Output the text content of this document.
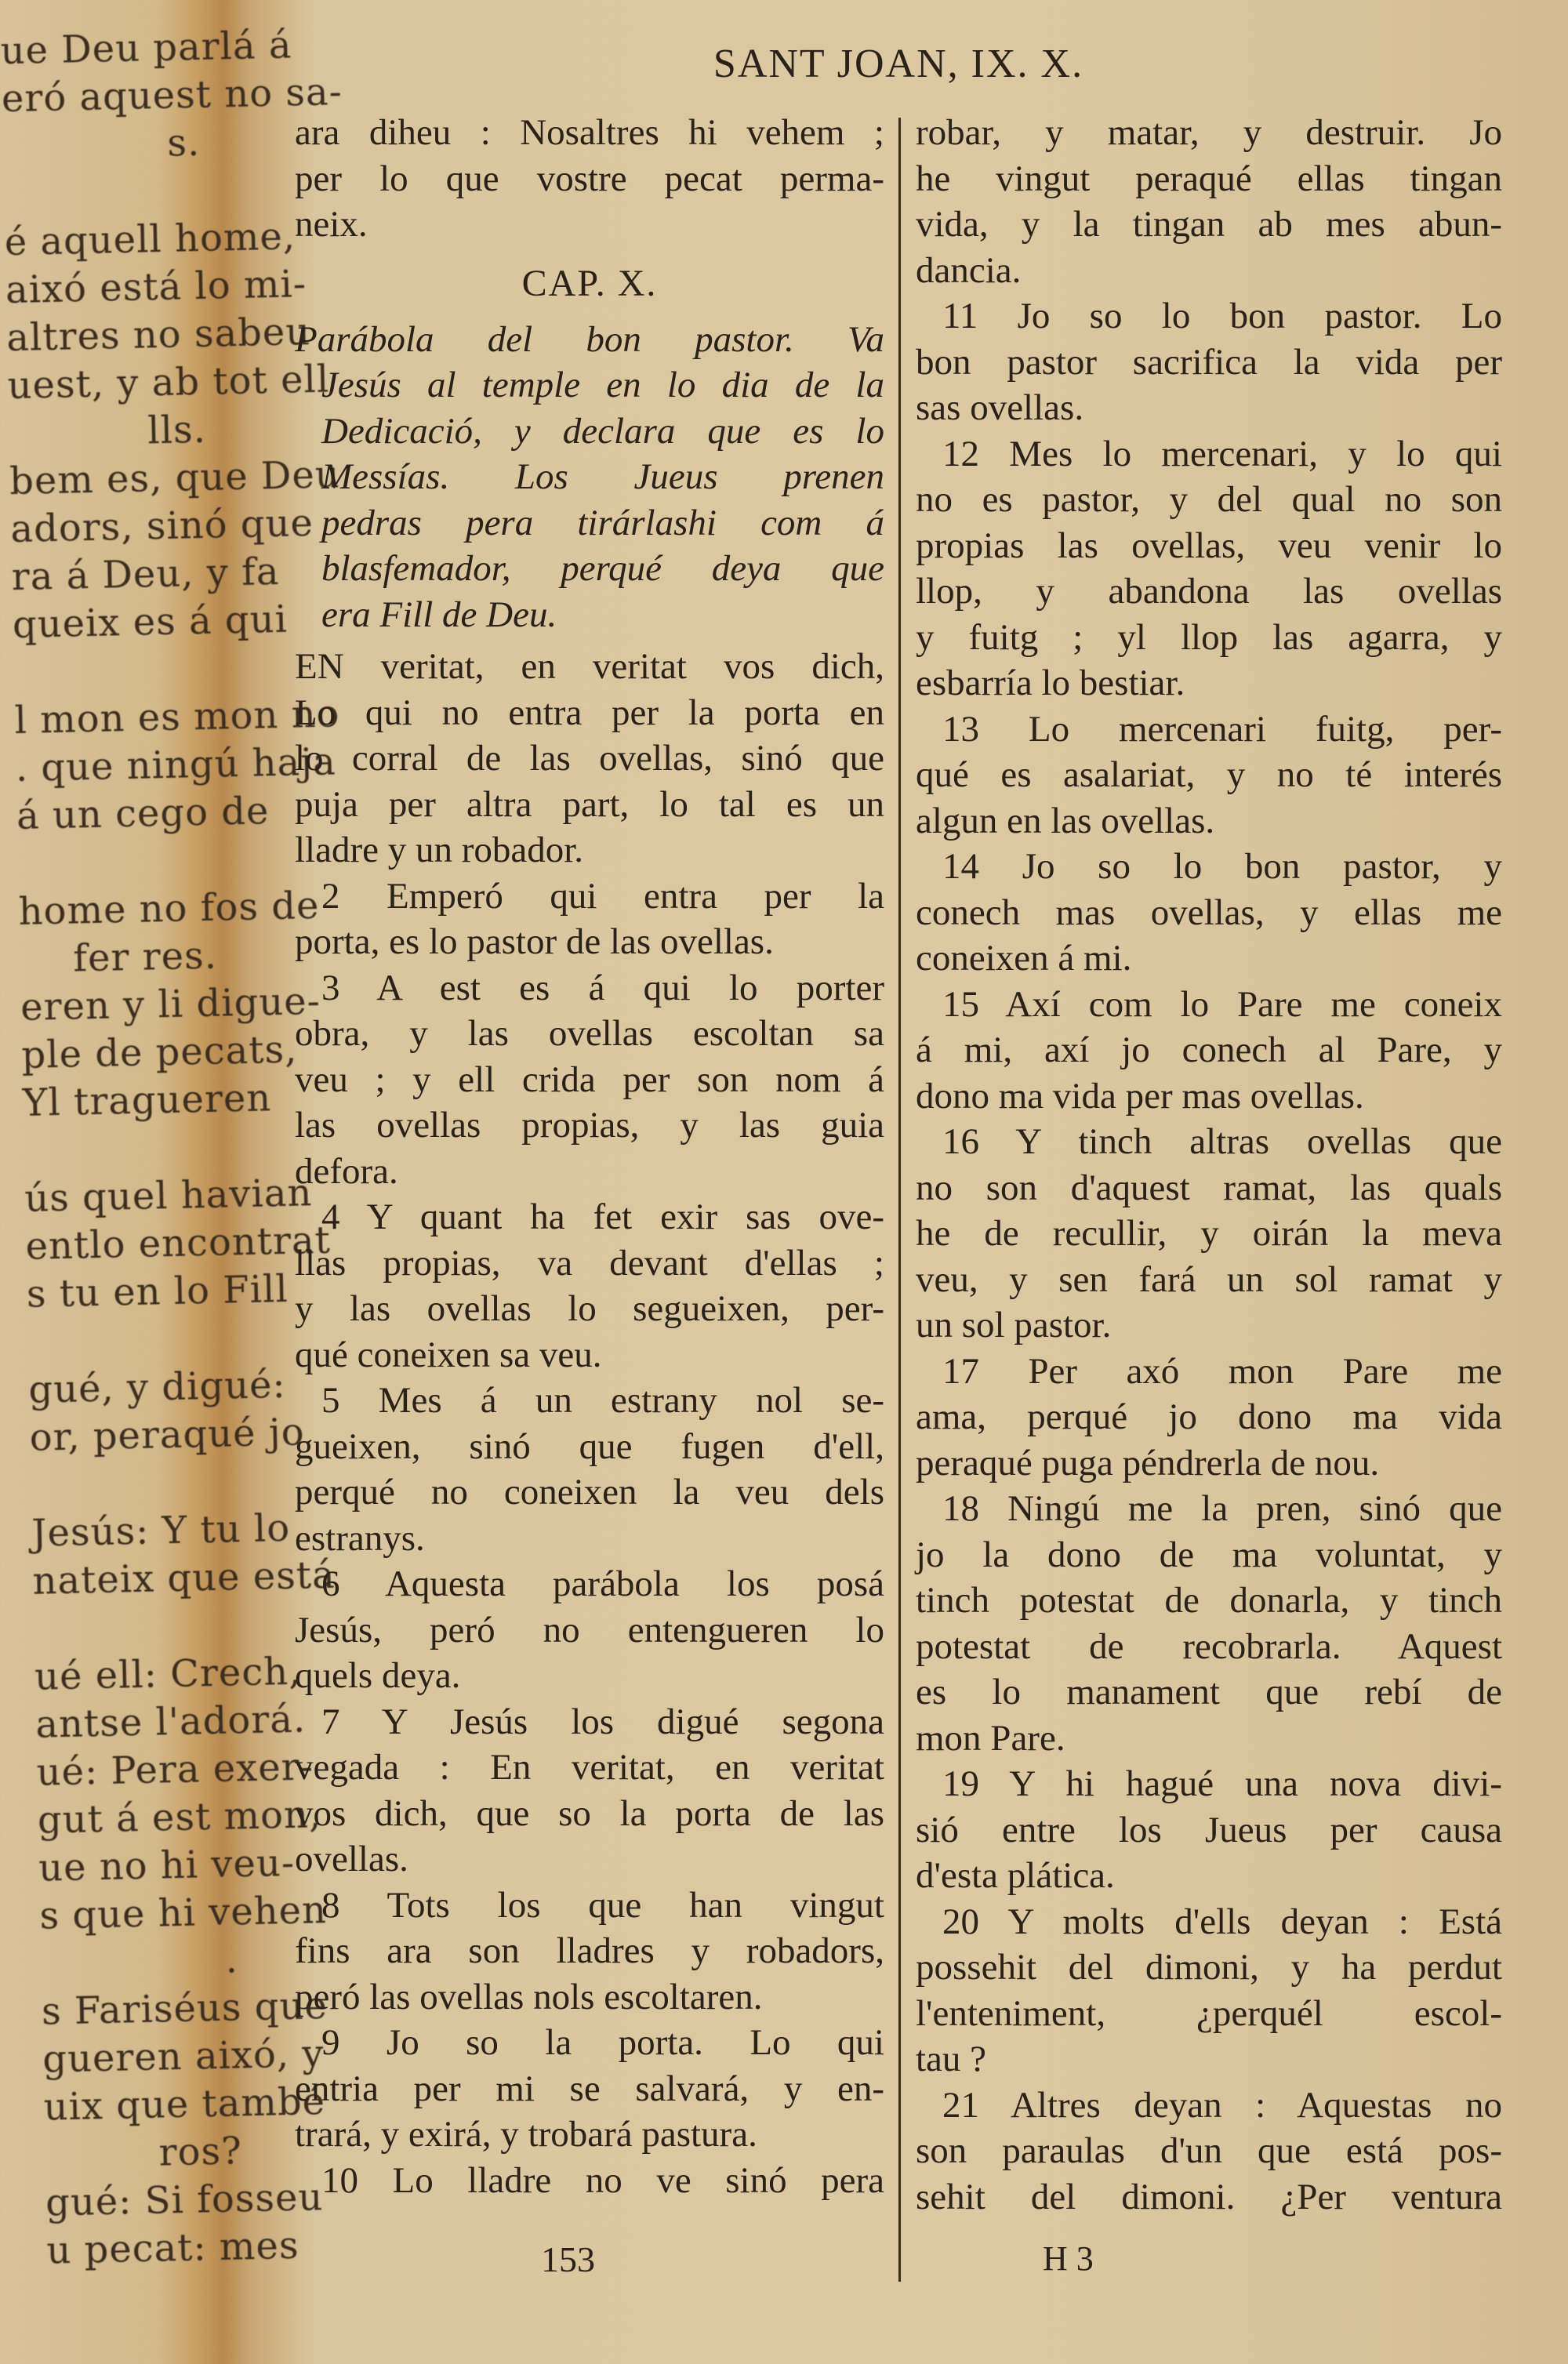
ue Deu parlá á
eró aquest no sa-
s.
é aquell home,
aixó está lo mi-
altres no sabeu
uest, y ab tot ell
lls.
bem es, que Deu
adors, sinó que
ra á Deu, y fa
queix es á qui
l mon es mon no
. que ningú haja
á un cego de
home no fos de
fer res.
eren y li digue-
ple de pecats,
Yl tragueren
ús quel havian
entlo encontrat
s tu en lo Fill
gué, y digué:
or, peraqué jo
Jesús: Y tu lo
nateix que está
ué ell: Crech,
antse l'adorá.
ué: Pera exer-
gut á est mon,
ue no hi veu-
s que hi vehen
.
s Fariséus que
gueren aixó, y
uix que també
ros?
gué: Si fosseu
u pecat: mes
SANT JOAN, IX. X.
ara diheu : Nosaltres hi vehem ;
per lo que vostre pecat perma-
neix.
CAP. X.
Parábola del bon pastor. Va
Jesús al temple en lo dia de la
Dedicació, y declara que es lo
Messías. Los Jueus prenen
pedras pera tirárlashi com á
blasfemador, perqué deya que
era Fill de Deu.
EN veritat, en veritat vos dich,
Lo qui no entra per la porta en
lo corral de las ovellas, sinó que
puja per altra part, lo tal es un
lladre y un robador.
2 Emperó qui entra per la
porta, es lo pastor de las ovellas.
3 A est es á qui lo porter
obra, y las ovellas escoltan sa
veu ; y ell crida per son nom á
las ovellas propias, y las guia
defora.
4 Y quant ha fet exir sas ove-
llas propias, va devant d'ellas ;
y las ovellas lo segueixen, per-
qué coneixen sa veu.
5 Mes á un estrany nol se-
gueixen, sinó que fugen d'ell,
perqué no coneixen la veu dels
estranys.
6 Aquesta parábola los posá
Jesús, peró no entengueren lo
quels deya.
7 Y Jesús los digué segona
vegada : En veritat, en veritat
vos dich, que so la porta de las
ovellas.
8 Tots los que han vingut
fins ara son lladres y robadors,
peró las ovellas nols escoltaren.
9 Jo so la porta. Lo qui
entria per mi se salvará, y en-
trará, y exirá, y trobará pastura.
10 Lo lladre no ve sinó pera
robar, y matar, y destruir. Jo
he vingut peraqué ellas tingan
vida, y la tingan ab mes abun-
dancia.
11 Jo so lo bon pastor. Lo
bon pastor sacrifica la vida per
sas ovellas.
12 Mes lo mercenari, y lo qui
no es pastor, y del qual no son
propias las ovellas, veu venir lo
llop, y abandona las ovellas
y fuitg ; yl llop las agarra, y
esbarría lo bestiar.
13 Lo mercenari fuitg, per-
qué es asalariat, y no té interés
algun en las ovellas.
14 Jo so lo bon pastor, y
conech mas ovellas, y ellas me
coneixen á mi.
15 Axí com lo Pare me coneix
á mi, axí jo conech al Pare, y
dono ma vida per mas ovellas.
16 Y tinch altras ovellas que
no son d'aquest ramat, las quals
he de recullir, y oirán la meva
veu, y sen fará un sol ramat y
un sol pastor.
17 Per axó mon Pare me
ama, perqué jo dono ma vida
peraqué puga péndrerla de nou.
18 Ningú me la pren, sinó que
jo la dono de ma voluntat, y
tinch potestat de donarla, y tinch
potestat de recobrarla. Aquest
es lo manament que rebí de
mon Pare.
19 Y hi hagué una nova divi-
sió entre los Jueus per causa
d'esta plática.
20 Y molts d'ells deyan : Está
possehit del dimoni, y ha perdut
l'enteniment, ¿perquél escol-
tau ?
21 Altres deyan : Aquestas no
son paraulas d'un que está pos-
sehit del dimoni. ¿Per ventura
153	H 3
